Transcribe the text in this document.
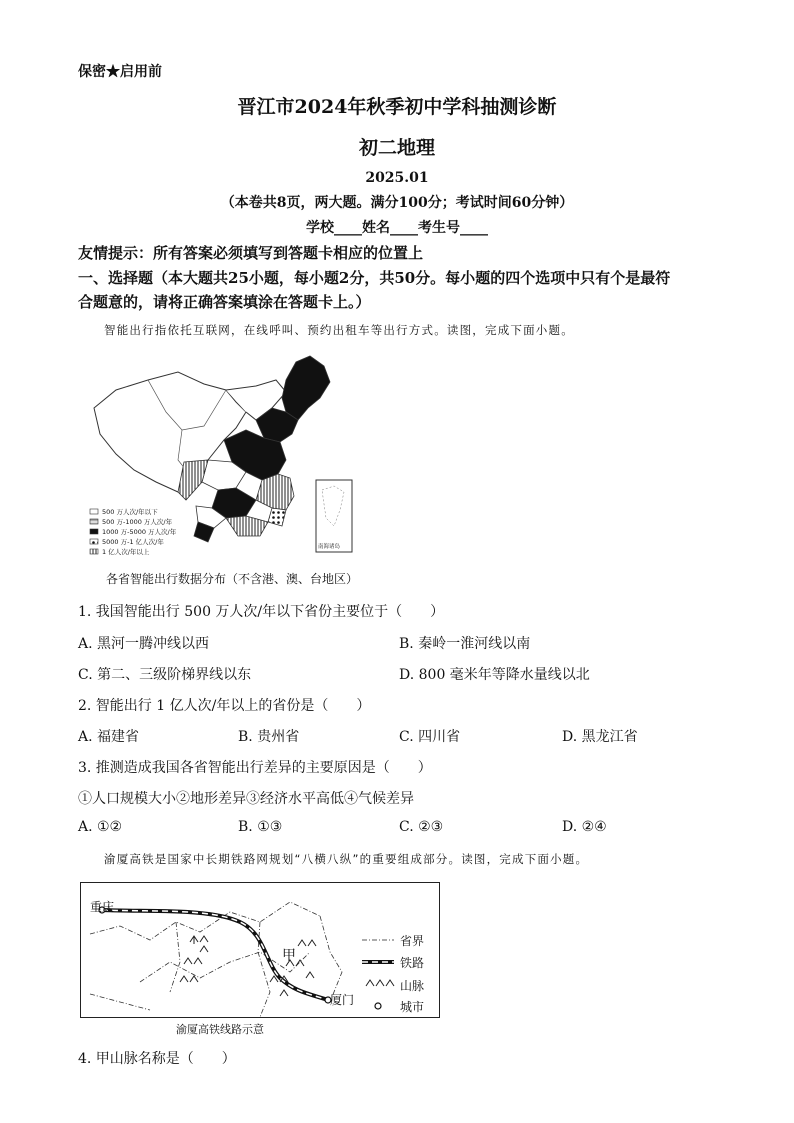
保密★启用前
晋江市2024年秋季初中学科抽测诊断
初二地理
2025.01
（本卷共8页，两大题。满分100分；考试时间60分钟）
学校____姓名____考生号____
友情提示：所有答案必须填写到答题卡相应的位置上
一、选择题（本大题共25小题，每小题2分，共50分。每小题的四个选项中只有个是最符
合题意的，请将正确答案填涂在答题卡上。）
智能出行指依托互联网，在线呼叫、预约出租车等出行方式。读图，完成下面小题。
500 万人次/年以下
500 万-1000 万人次/年
1000 万-5000 万人次/年
5000 万-1 亿人次/年
1 亿人次/年以上
南海诸岛
各省智能出行数据分布（不含港、澳、台地区）
1. 我国智能出行 500 万人次/年以下省份主要位于（　　）
A. 黑河一腾冲线以西	B. 秦岭一淮河线以南
C. 第二、三级阶梯界线以东	D. 800 毫米年等降水量线以北
2. 智能出行 1 亿人次/年以上的省份是（　　）
A. 福建省	B. 贵州省	C. 四川省	D. 黑龙江省
3. 推测造成我国各省智能出行差异的主要原因是（　　）
①人口规模大小②地形差异③经济水平高低④气候差异
A. ①②	B. ①③	C. ②③	D. ②④
渝厦高铁是国家中长期铁路网规划“八横八纵”的重要组成部分。读图，完成下面小题。
重庆
厦门
甲
省界
铁路
山脉
城市
渝厦高铁线路示意
4. 甲山脉名称是（　　）
